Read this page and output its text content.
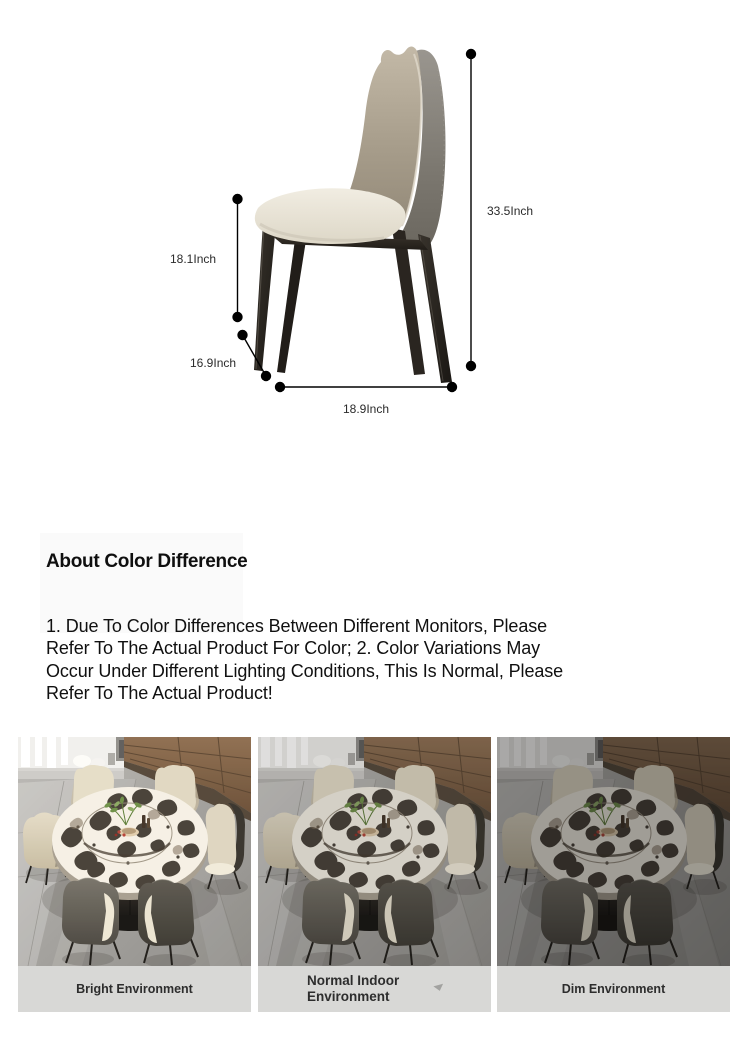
33.5Inch
18.1Inch
16.9Inch
18.9Inch
About Color Difference
1. Due To Color Differences Between Different Monitors, Please
Refer To The Actual Product For Color; 2. Color Variations May
Occur Under Different Lighting Conditions, This Is Normal, Please
Refer To The Actual Product!
Bright Environment
Normal Indoor Environment	Dim Environment
